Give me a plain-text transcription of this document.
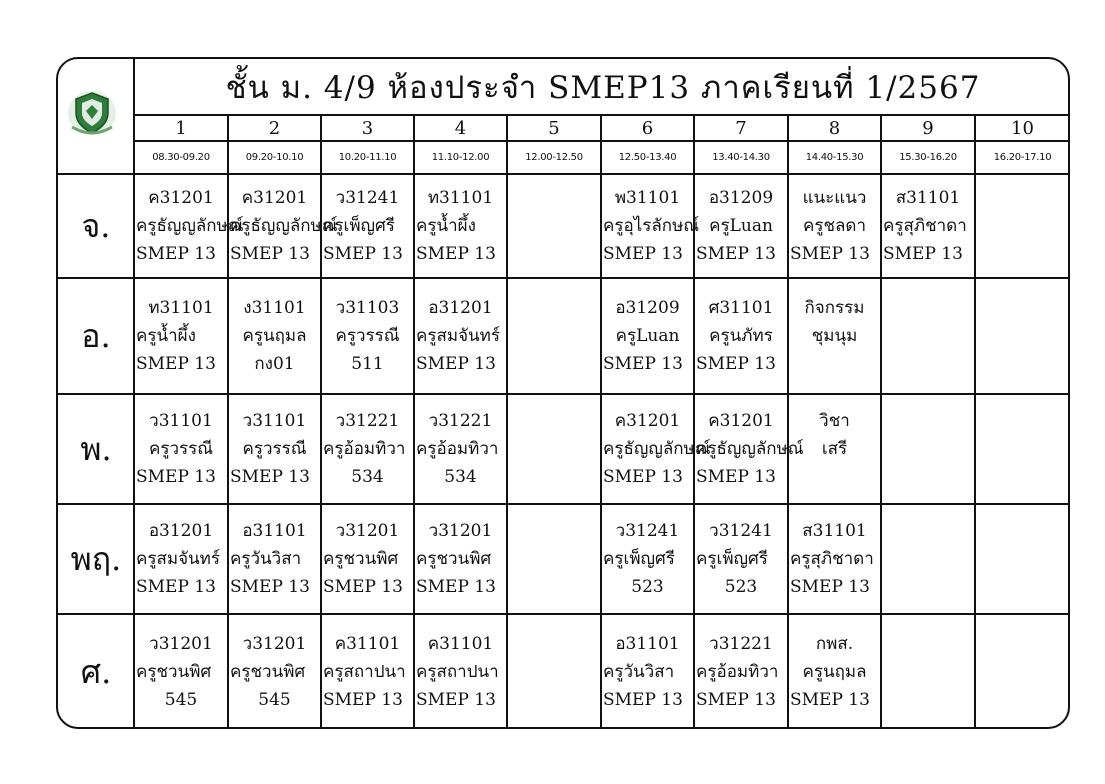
ชั้น ม. 4/9 ห้องประจำ SMEP13 ภาคเรียนที่ 1/2567
1
08.30-09.20
2
09.20-10.10
3
10.20-11.10
4
11.10-12.00
5
12.00-12.50
6
12.50-13.40
7
13.40-14.30
8
14.40-15.30
9
15.30-16.20
10
16.20-17.10
จ.
ค31201
ครูธัญญลักษณ์
SMEP 13
ค31201
ครูธัญญลักษณ์
SMEP 13
ว31241
ครูเพ็ญศรี
SMEP 13
ท31101
ครูน้ำผึ้ง
SMEP 13
พ31101
ครูอุไรลักษณ์
SMEP 13
อ31209
ครูLuan
SMEP 13
แนะแนว
ครูชลดา
SMEP 13
ส31101
ครูสุภิชาดา
SMEP 13
อ.
ท31101
ครูน้ำผึ้ง
SMEP 13
ง31101
ครูนฤมล
กง01
ว31103
ครูวรรณี
511
อ31201
ครูสมจันทร์
SMEP 13
อ31209
ครูLuan
SMEP 13
ศ31101
ครูนภัทร
SMEP 13
กิจกรรม
ชุมนุม
พ.
ว31101
ครูวรรณี
SMEP 13
ว31101
ครูวรรณี
SMEP 13
ว31221
ครูอ้อมทิวา
534
ว31221
ครูอ้อมทิวา
534
ค31201
ครูธัญญลักษณ์
SMEP 13
ค31201
ครูธัญญลักษณ์
SMEP 13
วิชา
เสรี
พฤ.
อ31201
ครูสมจันทร์
SMEP 13
อ31101
ครูวันวิสา
SMEP 13
ว31201
ครูชวนพิศ
SMEP 13
ว31201
ครูชวนพิศ
SMEP 13
ว31241
ครูเพ็ญศรี
523
ว31241
ครูเพ็ญศรี
523
ส31101
ครูสุภิชาดา
SMEP 13
ศ.
ว31201
ครูชวนพิศ
545
ว31201
ครูชวนพิศ
545
ค31101
ครูสถาปนา
SMEP 13
ค31101
ครูสถาปนา
SMEP 13
อ31101
ครูวันวิสา
SMEP 13
ว31221
ครูอ้อมทิวา
SMEP 13
กพส.
ครูนฤมล
SMEP 13
